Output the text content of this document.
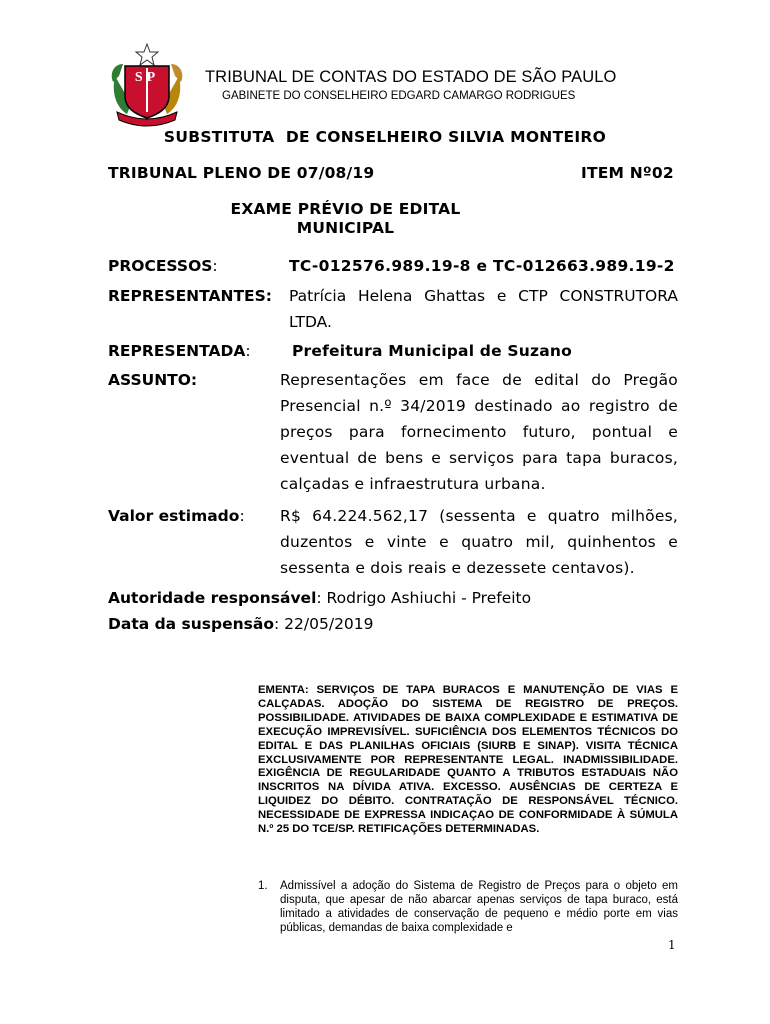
SP	TRIBUNAL DE CONTAS DO ESTADO DE SÃO PAULO
GABINETE DO CONSELHEIRO EDGARD CAMARGO RODRIGUES
SUBSTITUTA  DE CONSELHEIRO SILVIA MONTEIRO
TRIBUNAL PLENO DE 07/08/19	ITEM Nº02
EXAME PRÉVIO DE EDITAL
MUNICIPAL
PROCESSOS:	TC-012576.989.19-8 e TC-012663.989.19-2
REPRESENTANTES: Patrícia Helena Ghattas e CTP CONSTRUTORA
LTDA.
REPRESENTADA:	Prefeitura Municipal de Suzano
ASSUNTO:	Representações em face de edital do Pregão Presencial n.º 34/2019 destinado ao registro de preços para fornecimento futuro, pontual e eventual de bens e serviços para tapa buracos, calçadas e infraestrutura urbana.
Valor estimado: R$ 64.224.562,17 (sessenta e quatro milhões, duzentos e vinte e quatro mil, quinhentos e sessenta e dois reais e dezessete centavos).
Autoridade responsável: Rodrigo Ashiuchi - Prefeito
Data da suspensão: 22/05/2019
EMENTA: SERVIÇOS DE TAPA BURACOS E MANUTENÇÃO DE VIAS E CALÇADAS. ADOÇÃO DO SISTEMA DE REGISTRO DE PREÇOS. POSSIBILIDADE. ATIVIDADES DE BAIXA COMPLEXIDADE E ESTIMATIVA DE EXECUÇÃO IMPREVISÍVEL. SUFICIÊNCIA DOS ELEMENTOS TÉCNICOS DO EDITAL E DAS PLANILHAS OFICIAIS (SIURB E SINAP). VISITA TÉCNICA EXCLUSIVAMENTE POR REPRESENTANTE LEGAL. INADMISSIBILIDADE. EXIGÊNCIA DE REGULARIDADE QUANTO A TRIBUTOS ESTADUAIS NÃO INSCRITOS NA DÍVIDA ATIVA. EXCESSO. AUSÊNCIAS DE CERTEZA E LIQUIDEZ DO DÉBITO. CONTRATAÇÃO DE RESPONSÁVEL TÉCNICO. NECESSIDADE DE EXPRESSA INDICAÇAO DE CONFORMIDADE À SÚMULA N.º 25 DO TCE/SP. RETIFICAÇÕES DETERMINADAS.
1. Admissível a adoção do Sistema de Registro de Preços para o objeto em disputa, que apesar de não abarcar apenas serviços de tapa buraco, está limitado a atividades de conservação de pequeno e médio porte em vias públicas, demandas de baixa complexidade e
1
